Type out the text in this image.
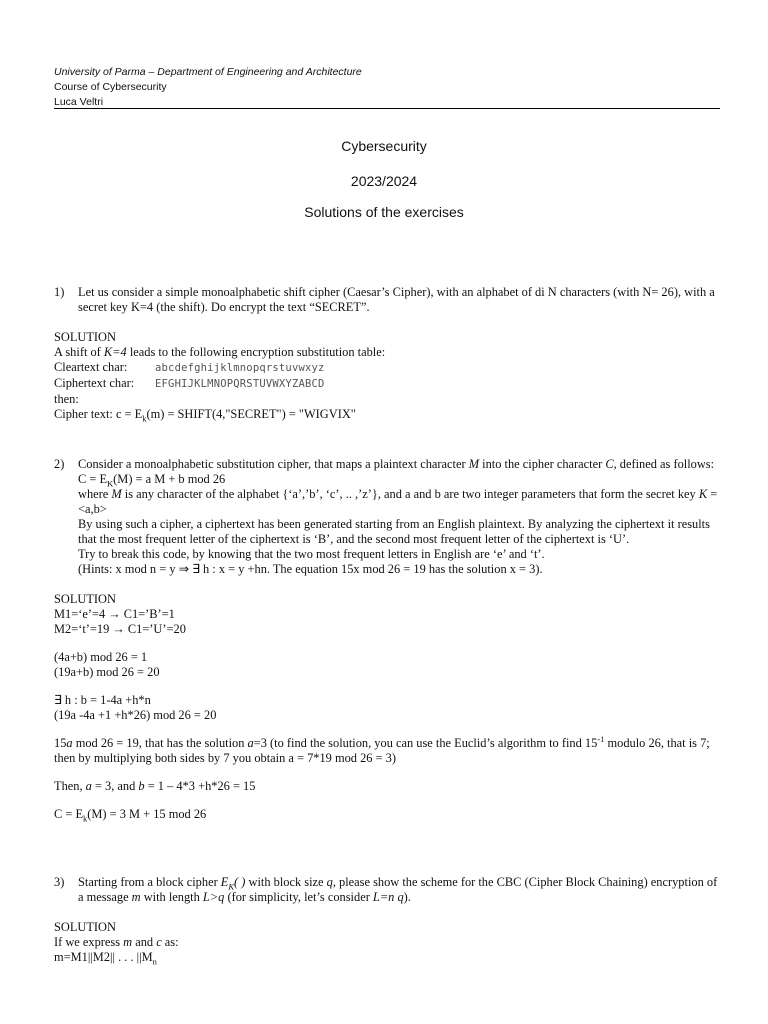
University of Parma – Department of Engineering and Architecture
Course of Cybersecurity
Luca Veltri
Cybersecurity
2023/2024
Solutions of the exercises
1) Let us consider a simple monoalphabetic shift cipher (Caesar’s Cipher), with an alphabet of di N characters (with N= 26), with a secret key K=4 (the shift). Do encrypt the text “SECRET”.
SOLUTION
A shift of K=4 leads to the following encryption substitution table:
Cleartext char:	abcdefghijklmnopqrstuvwxyz
Ciphertext char: EFGHIJKLMNOPQRSTUVWXYZABCD
then:
Cipher text: $c = E_k(m)$ = SHIFT(4,"SECRET") = "WIGVIX"
2) Consider a monoalphabetic substitution cipher, that maps a plaintext character M into the cipher character C, defined as follows:
$C = E_K(M) = a$ M + b mod 26
where M is any character of the alphabet {‘a’,’b’, ‘c’, .. ,’z’}, and a and b are two integer parameters that form the secret key K = <a,b>
By using such a cipher, a ciphertext has been generated starting from an English plaintext. By analyzing the ciphertext it results that the most frequent letter of the ciphertext is ‘B’, and the second most frequent letter of the ciphertext is ‘U’.
Try to break this code, by knowing that the two most frequent letters in English are ‘e’ and ‘t’.
(Hints: x mod n = y ⇒ ∃ h : x = y +hn. The equation 15x mod 26 = 19 has the solution x = 3).
SOLUTION
M1=‘e’=4 → C1=’B’=1
M2=‘t’=19 → C1=’U’=20
(4a+b) mod 26 = 1
(19a+b) mod 26 = 20
∃ h : b = 1-4a +h*n
(19a -4a +1 +h*26) mod 26 = 20
15a mod 26 = 19, that has the solution a=3 (to find the solution, you can use the Euclid’s algorithm to find $15^{-1}$ modulo 26, that is 7; then by multiplying both sides by 7 you obtain a = 7*19 mod 26 = 3)
Then, a = 3, and b = 1 – 4*3 +h*26 = 15
$C = E_k(M) = 3$ M + 15 mod 26
3) Starting from a block cipher $E_K$( ) with block size q, please show the scheme for the CBC (Cipher Block Chaining) encryption of a message m with length L>q (for simplicity, let’s consider L=n q).
SOLUTION
If we express m and c as:
m=M1||M2|| . . . $||M_n$
